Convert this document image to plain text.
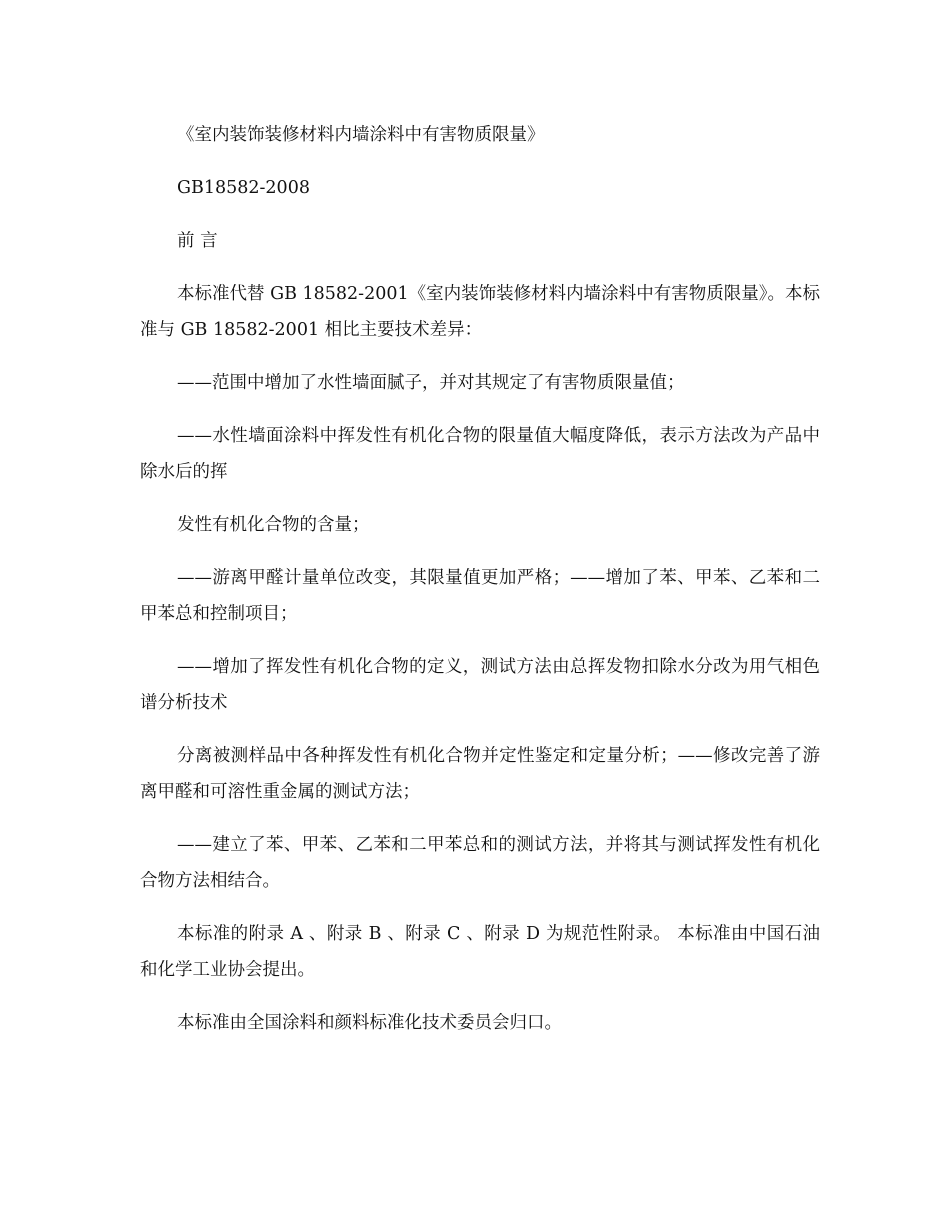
《室内装饰装修材料内墙涂料中有害物质限量》

GB18582-2008

前 言

本标准代替 GB 18582-2001《室内装饰装修材料内墙涂料中有害物质限量》。本标准与 GB 18582-2001 相比主要技术差异：

——范围中增加了水性墙面腻子，并对其规定了有害物质限量值；

——水性墙面涂料中挥发性有机化合物的限量值大幅度降低，表示方法改为产品中除水后的挥

发性有机化合物的含量；

——游离甲醛计量单位改变，其限量值更加严格；——增加了苯、甲苯、乙苯和二甲苯总和控制项目；

——增加了挥发性有机化合物的定义，测试方法由总挥发物扣除水分改为用气相色谱分析技术

分离被测样品中各种挥发性有机化合物并定性鉴定和定量分析；——修改完善了游离甲醛和可溶性重金属的测试方法；

——建立了苯、甲苯、乙苯和二甲苯总和的测试方法，并将其与测试挥发性有机化合物方法相结合。

本标准的附录 A 、附录 B 、附录 C 、附录 D 为规范性附录。 本标准由中国石油和化学工业协会提出。

本标准由全国涂料和颜料标准化技术委员会归口。
